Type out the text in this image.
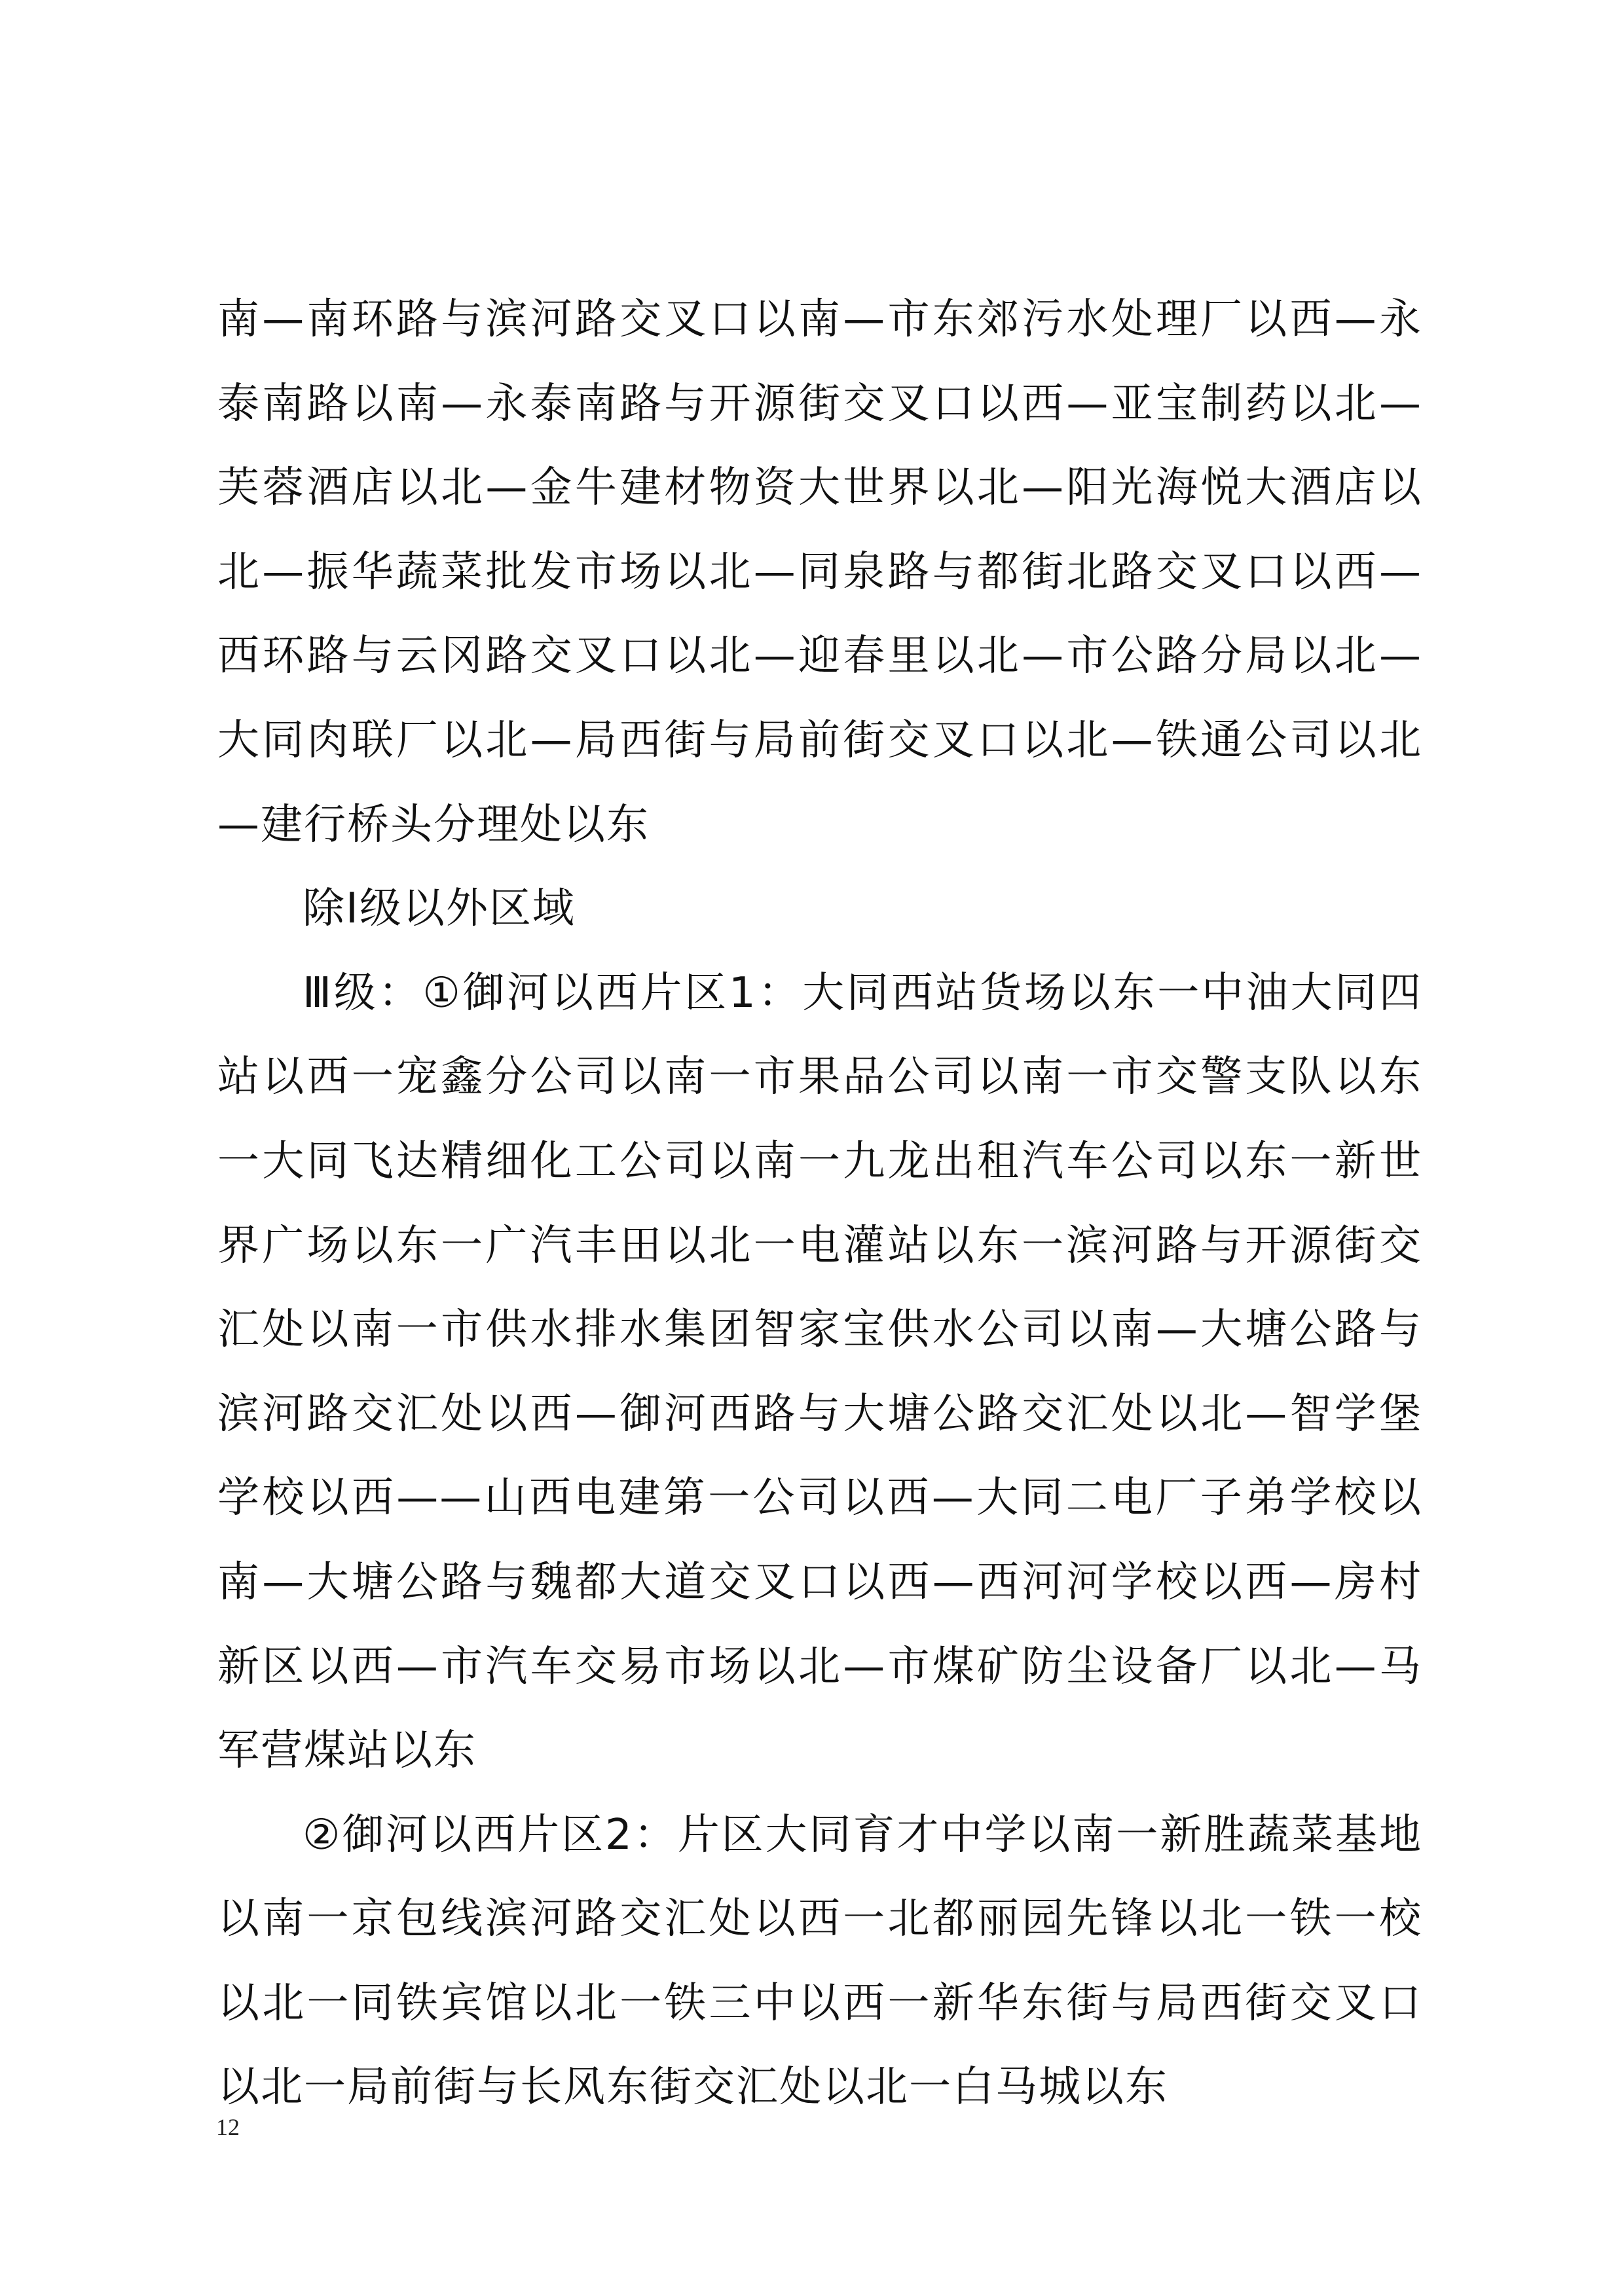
南—南环路与滨河路交叉口以南—市东郊污水处理厂以西—永泰南路以南—永泰南路与开源街交叉口以西—亚宝制药以北—芙蓉酒店以北—金牛建材物资大世界以北—阳光海悦大酒店以北—振华蔬菜批发市场以北—同泉路与都街北路交叉口以西—西环路与云冈路交叉口以北—迎春里以北—市公路分局以北—大同肉联厂以北—局西街与局前街交叉口以北—铁通公司以北—建行桥头分理处以东

除Ⅰ级以外区域

Ⅲ级：①御河以西片区1：大同西站货场以东一中油大同四站以西一宠鑫分公司以南一市果品公司以南一市交警支队以东一大同飞达精细化工公司以南一九龙出租汽车公司以东一新世界广场以东一广汽丰田以北一电灌站以东一滨河路与开源街交汇处以南一市供水排水集团智家宝供水公司以南—大塘公路与滨河路交汇处以西—御河西路与大塘公路交汇处以北—智学堡学校以西——山西电建第一公司以西—大同二电厂子弟学校以南—大塘公路与魏都大道交叉口以西—西河河学校以西—房村新区以西—市汽车交易市场以北—市煤矿防尘设备厂以北—马军营煤站以东

②御河以西片区2：片区大同育才中学以南一新胜蔬菜基地以南一京包线滨河路交汇处以西一北都丽园先锋以北一铁一校以北一同铁宾馆以北一铁三中以西一新华东街与局西街交叉口以北一局前街与长风东街交汇处以北一白马城以东

12
